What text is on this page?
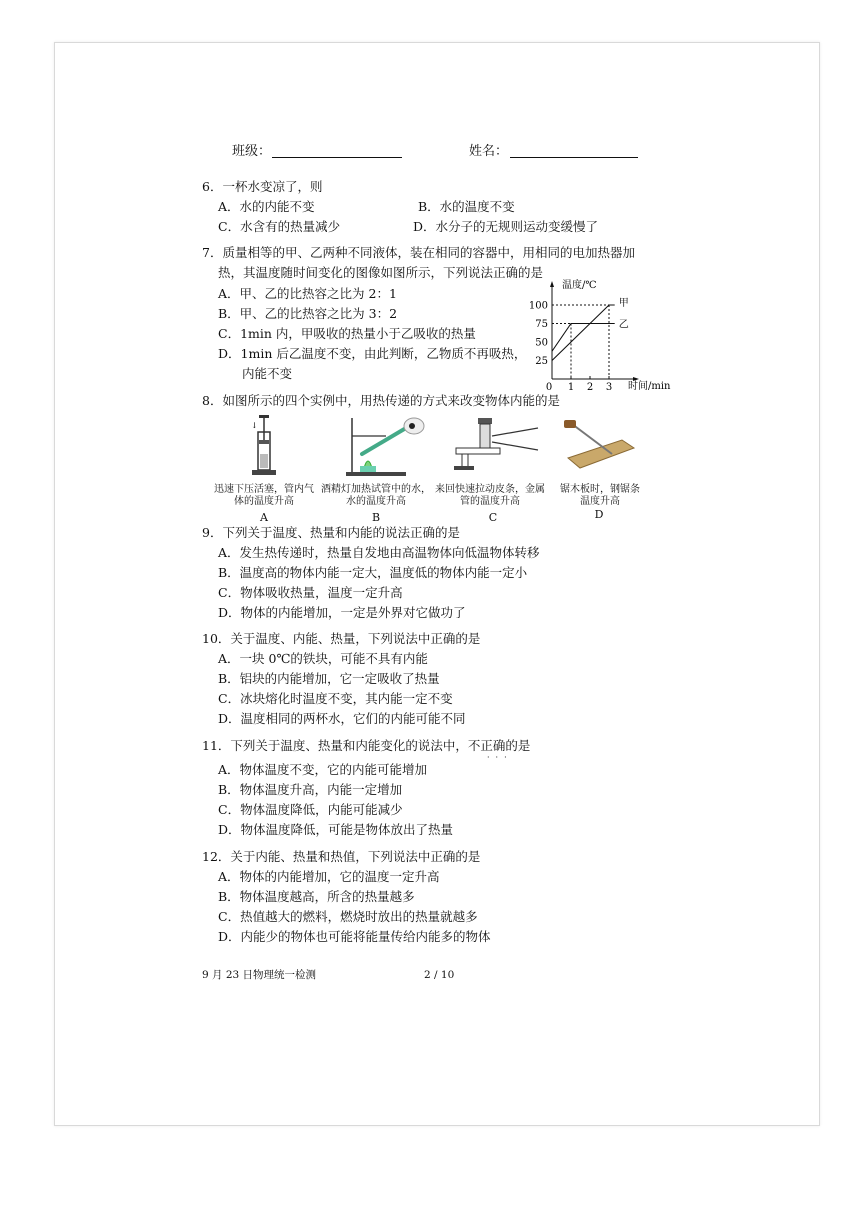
班级：	姓名：
6．一杯水变凉了，则
A．水的内能不变	B．水的温度不变
C．水含有的热量减少	D．水分子的无规则运动变缓慢了
7．质量相等的甲、乙两种不同液体，装在相同的容器中，用相同的电加热器加
热，其温度随时间变化的图像如图所示，下列说法正确的是
A．甲、乙的比热容之比为 2：1
B．甲、乙的比热容之比为 3：2
C．1min 内，甲吸收的热量小于乙吸收的热量
D．1min 后乙温度不变，由此判断，乙物质不再吸热，
内能不变
温度/℃
时间/min
25
50
75
100
0 1 2 3
甲
乙
8．如图所示的四个实例中，用热传递的方式来改变物体内能的是
↓
迅速下压活塞，管内气体的温度升高
酒精灯加热试管中的水，水的温度升高
来回快速拉动皮条，金属管的温度升高
锯木板时，钢锯条温度升高
A	B	C	D
9．下列关于温度、热量和内能的说法正确的是
A．发生热传递时，热量自发地由高温物体向低温物体转移
B．温度高的物体内能一定大，温度低的物体内能一定小
C．物体吸收热量，温度一定升高
D．物体的内能增加，一定是外界对它做功了
10．关于温度、内能、热量，下列说法中正确的是
A．一块 0℃的铁块，可能不具有内能
B．铝块的内能增加，它一定吸收了热量
C．冰块熔化时温度不变，其内能一定不变
D．温度相同的两杯水，它们的内能可能不同
11．下列关于温度、热量和内能变化的说法中，不正确的是
···
A．物体温度不变，它的内能可能增加
B．物体温度升高，内能一定增加
C．物体温度降低，内能可能减少
D．物体温度降低，可能是物体放出了热量
12．关于内能、热量和热值，下列说法中正确的是
A．物体的内能增加，它的温度一定升高
B．物体温度越高，所含的热量越多
C．热值越大的燃料，燃烧时放出的热量就越多
D．内能少的物体也可能将能量传给内能多的物体
9 月 23 日物理统一检测	2 / 10
